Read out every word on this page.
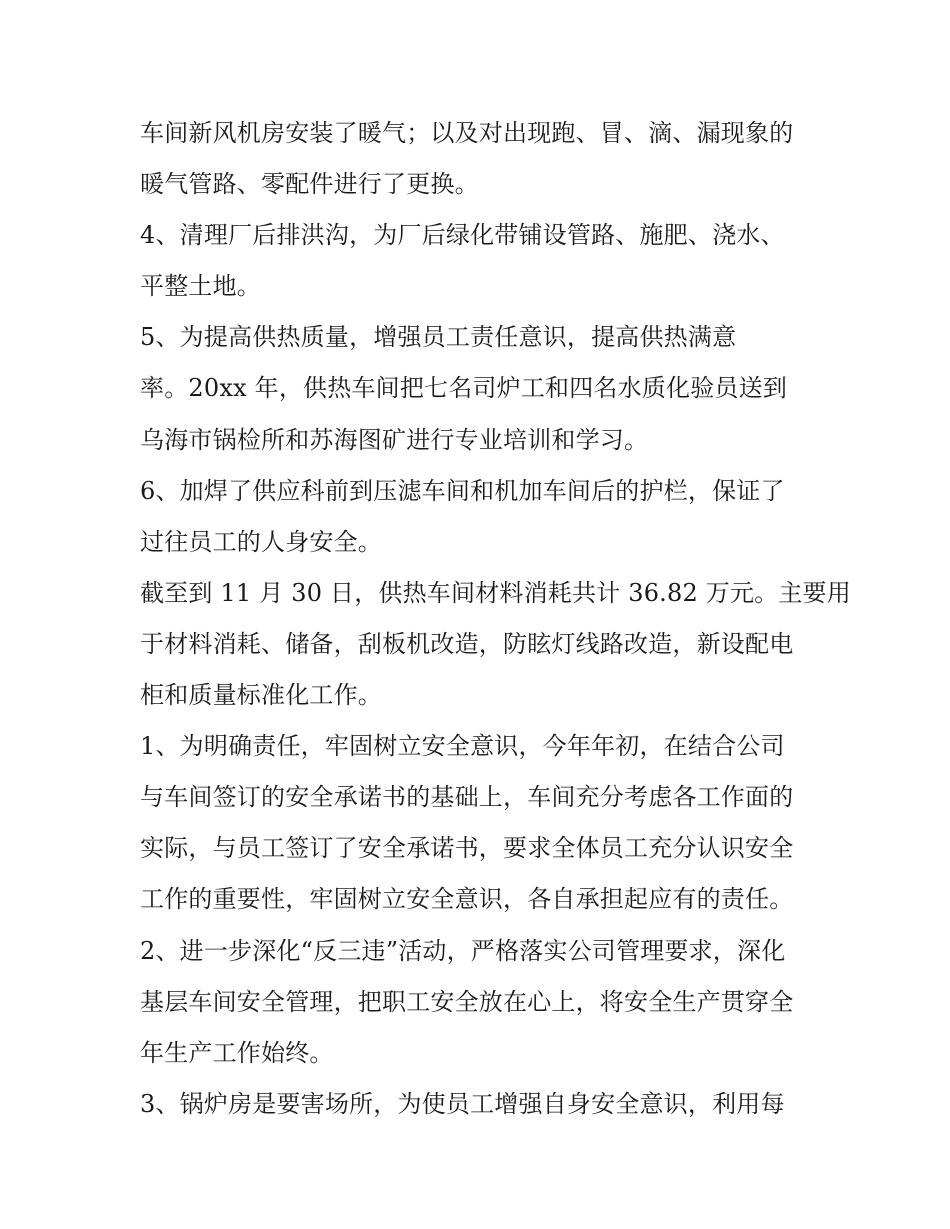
车间新风机房安装了暖气；以及对出现跑、冒、滴、漏现象的
暖气管路、零配件进行了更换。
4、清理厂后排洪沟，为厂后绿化带铺设管路、施肥、浇水、
平整土地。
5、为提高供热质量，增强员工责任意识，提高供热满意
率。20xx 年，供热车间把七名司炉工和四名水质化验员送到
乌海市锅检所和苏海图矿进行专业培训和学习。
6、加焊了供应科前到压滤车间和机加车间后的护栏，保证了
过往员工的人身安全。
截至到 11 月 30 日，供热车间材料消耗共计 36.82 万元。主要用
于材料消耗、储备，刮板机改造，防眩灯线路改造，新设配电
柜和质量标准化工作。
1、为明确责任，牢固树立安全意识，今年年初，在结合公司
与车间签订的安全承诺书的基础上，车间充分考虑各工作面的
实际，与员工签订了安全承诺书，要求全体员工充分认识安全
工作的重要性，牢固树立安全意识，各自承担起应有的责任。
2、进一步深化“反三违”活动，严格落实公司管理要求，深化
基层车间安全管理，把职工安全放在心上，将安全生产贯穿全
年生产工作始终。
3、锅炉房是要害场所，为使员工增强自身安全意识，利用每
